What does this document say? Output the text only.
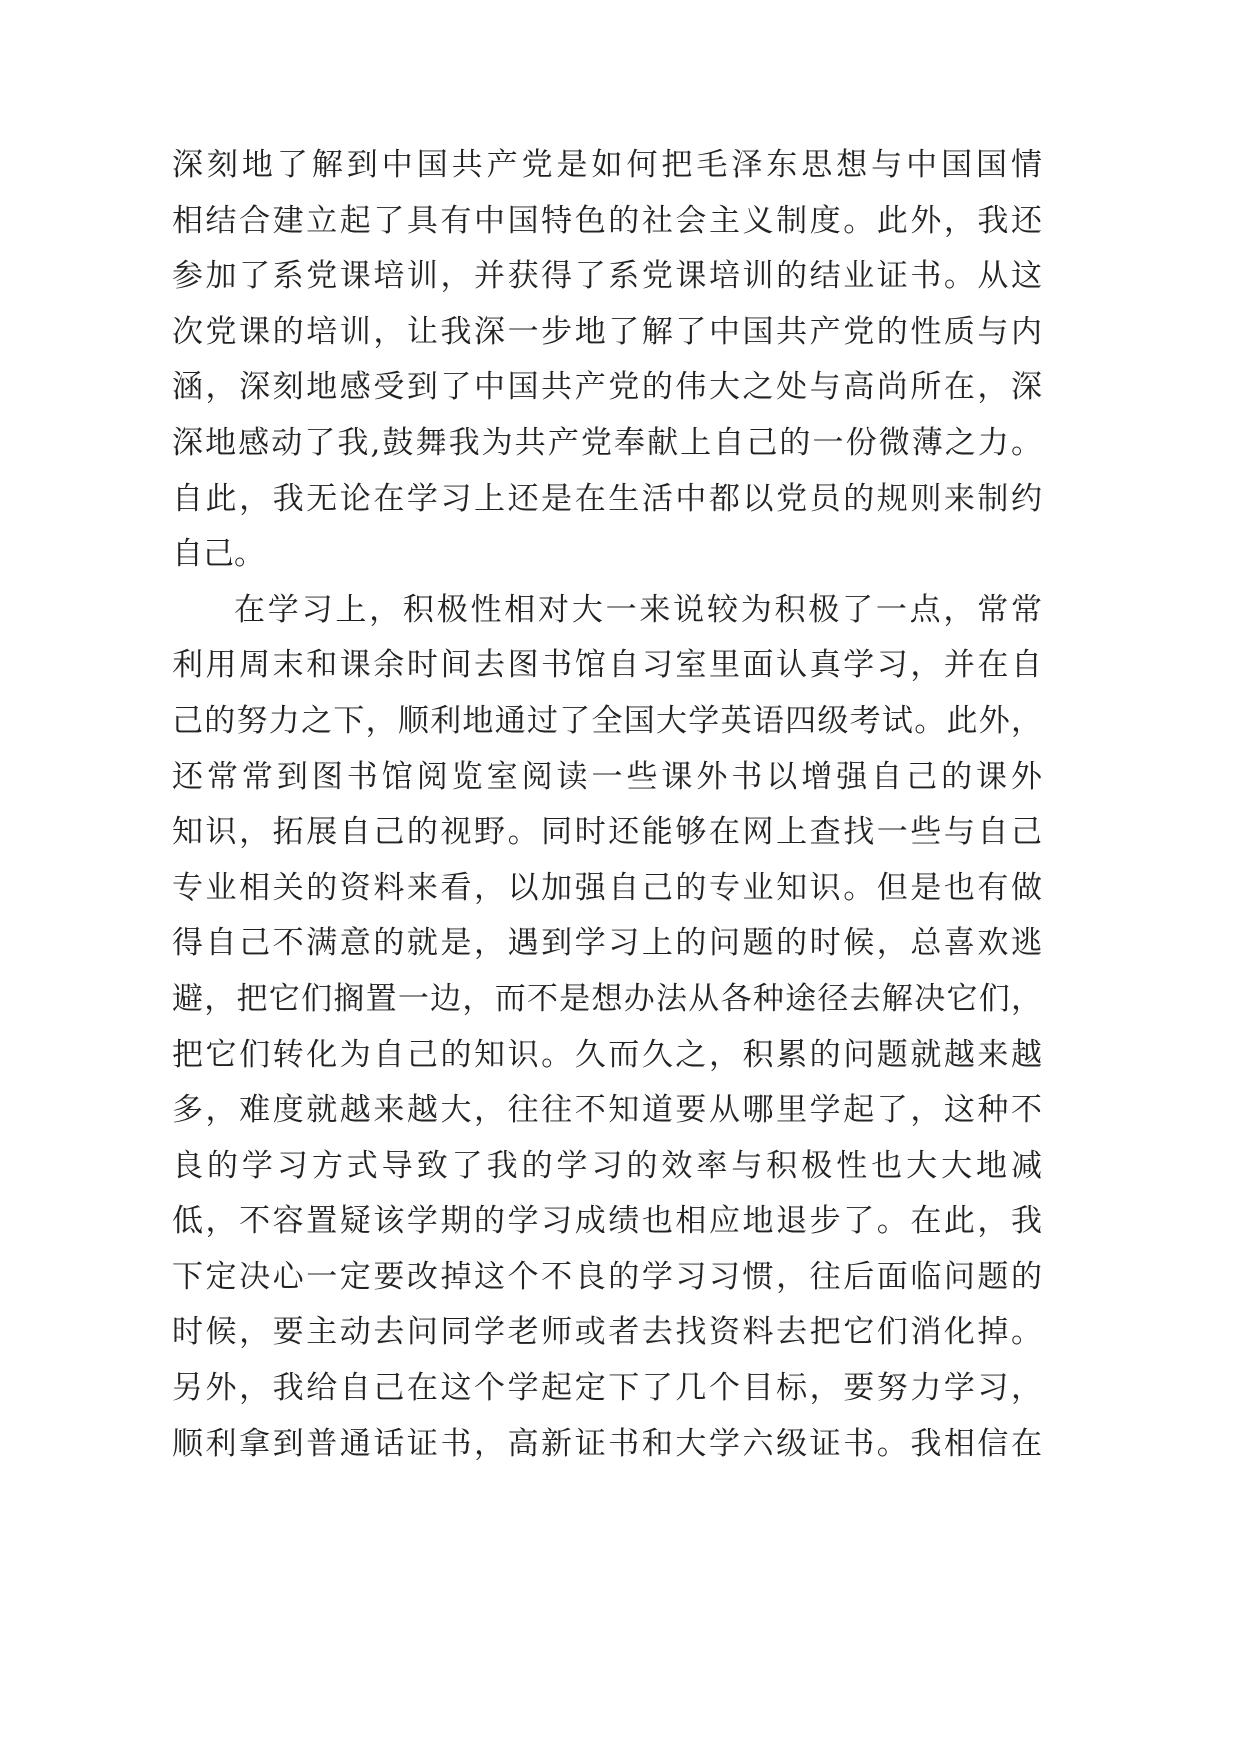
深刻地了解到中国共产党是如何把毛泽东思想与中国国情
相结合建立起了具有中国特色的社会主义制度。此外，我还
参加了系党课培训，并获得了系党课培训的结业证书。从这
次党课的培训，让我深一步地了解了中国共产党的性质与内
涵，深刻地感受到了中国共产党的伟大之处与高尚所在，深
深地感动了我,鼓舞我为共产党奉献上自己的一份微薄之力。
自此，我无论在学习上还是在生活中都以党员的规则来制约
自己。
在学习上，积极性相对大一来说较为积极了一点，常常
利用周末和课余时间去图书馆自习室里面认真学习，并在自
己的努力之下，顺利地通过了全国大学英语四级考试。此外，
还常常到图书馆阅览室阅读一些课外书以增强自己的课外
知识，拓展自己的视野。同时还能够在网上查找一些与自己
专业相关的资料来看，以加强自己的专业知识。但是也有做
得自己不满意的就是，遇到学习上的问题的时候，总喜欢逃
避，把它们搁置一边，而不是想办法从各种途径去解决它们，
把它们转化为自己的知识。久而久之，积累的问题就越来越
多，难度就越来越大，往往不知道要从哪里学起了，这种不
良的学习方式导致了我的学习的效率与积极性也大大地减
低，不容置疑该学期的学习成绩也相应地退步了。在此，我
下定决心一定要改掉这个不良的学习习惯，往后面临问题的
时候，要主动去问同学老师或者去找资料去把它们消化掉。
另外，我给自己在这个学起定下了几个目标，要努力学习，
顺利拿到普通话证书，高新证书和大学六级证书。我相信在
